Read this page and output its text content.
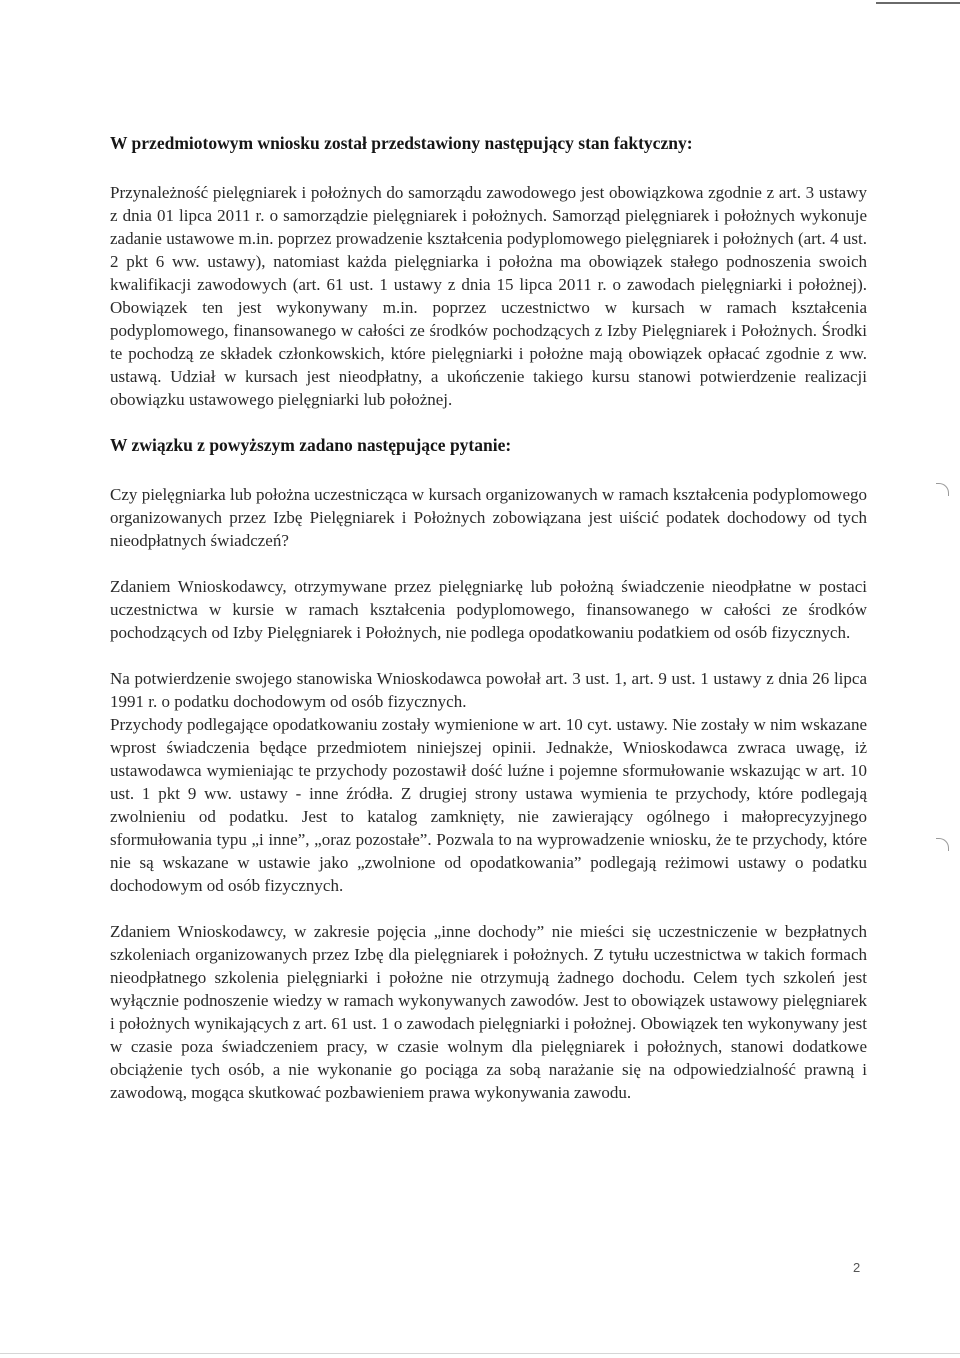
W przedmiotowym wniosku został przedstawiony następujący stan faktyczny:
Przynależność pielęgniarek i położnych do samorządu zawodowego jest obowiązkowa zgodnie z art. 3 ustawy z dnia 01 lipca 2011 r. o samorządzie pielęgniarek i położnych. Samorząd pielęgniarek i położnych wykonuje zadanie ustawowe m.in. poprzez prowadzenie kształcenia podyplomowego pielęgniarek i położnych (art. 4 ust. 2 pkt 6 ww. ustawy), natomiast każda pielęgniarka i położna ma obowiązek stałego podnoszenia swoich kwalifikacji zawodowych (art. 61 ust. 1 ustawy z dnia 15 lipca 2011 r. o zawodach pielęgniarki i położnej). Obowiązek ten jest wykonywany m.in. poprzez uczestnictwo w kursach w ramach kształcenia podyplomowego, finansowanego w całości ze środków pochodzących z Izby Pielęgniarek i Położnych. Środki te pochodzą ze składek członkowskich, które pielęgniarki i położne mają obowiązek opłacać zgodnie z ww. ustawą. Udział w kursach jest nieodpłatny, a ukończenie takiego kursu stanowi potwierdzenie realizacji obowiązku ustawowego pielęgniarki lub położnej.
W związku z powyższym zadano następujące pytanie:
Czy pielęgniarka lub położna uczestnicząca w kursach organizowanych w ramach kształcenia podyplomowego organizowanych przez Izbę Pielęgniarek i Położnych zobowiązana jest uiścić podatek dochodowy od tych nieodpłatnych świadczeń?
Zdaniem Wnioskodawcy, otrzymywane przez pielęgniarkę lub położną świadczenie nieodpłatne w postaci uczestnictwa w kursie w ramach kształcenia podyplomowego, finansowanego w całości ze środków pochodzących od Izby Pielęgniarek i Położnych, nie podlega opodatkowaniu podatkiem od osób fizycznych.
Na potwierdzenie swojego stanowiska Wnioskodawca powołał art. 3 ust. 1, art. 9 ust. 1 ustawy z dnia 26 lipca 1991 r. o podatku dochodowym od osób fizycznych.
Przychody podlegające opodatkowaniu zostały wymienione w art. 10 cyt. ustawy. Nie zostały w nim wskazane wprost świadczenia będące przedmiotem niniejszej opinii. Jednakże, Wnioskodawca zwraca uwagę, iż ustawodawca wymieniając te przychody pozostawił dość luźne i pojemne sformułowanie wskazując w art. 10 ust. 1 pkt 9 ww. ustawy - inne źródła. Z drugiej strony ustawa wymienia te przychody, które podlegają zwolnieniu od podatku. Jest to katalog zamknięty, nie zawierający ogólnego i małoprecyzyjnego sformułowania typu „i inne”, „oraz pozostałe”. Pozwala to na wyprowadzenie wniosku, że te przychody, które nie są wskazane w ustawie jako „zwolnione od opodatkowania” podlegają reżimowi ustawy o podatku dochodowym od osób fizycznych.
Zdaniem Wnioskodawcy, w zakresie pojęcia „inne dochody” nie mieści się uczestniczenie w bezpłatnych szkoleniach organizowanych przez Izbę dla pielęgniarek i położnych. Z tytułu uczestnictwa w takich formach nieodpłatnego szkolenia pielęgniarki i położne nie otrzymują żadnego dochodu. Celem tych szkoleń jest wyłącznie podnoszenie wiedzy w ramach wykonywanych zawodów. Jest to obowiązek ustawowy pielęgniarek i położnych wynikających z art. 61 ust. 1 o zawodach pielęgniarki i położnej. Obowiązek ten wykonywany jest w czasie poza świadczeniem pracy, w czasie wolnym dla pielęgniarek i położnych, stanowi dodatkowe obciążenie tych osób, a nie wykonanie go pociąga za sobą narażanie się na odpowiedzialność prawną i zawodową, mogąca skutkować pozbawieniem prawa wykonywania zawodu.
2
